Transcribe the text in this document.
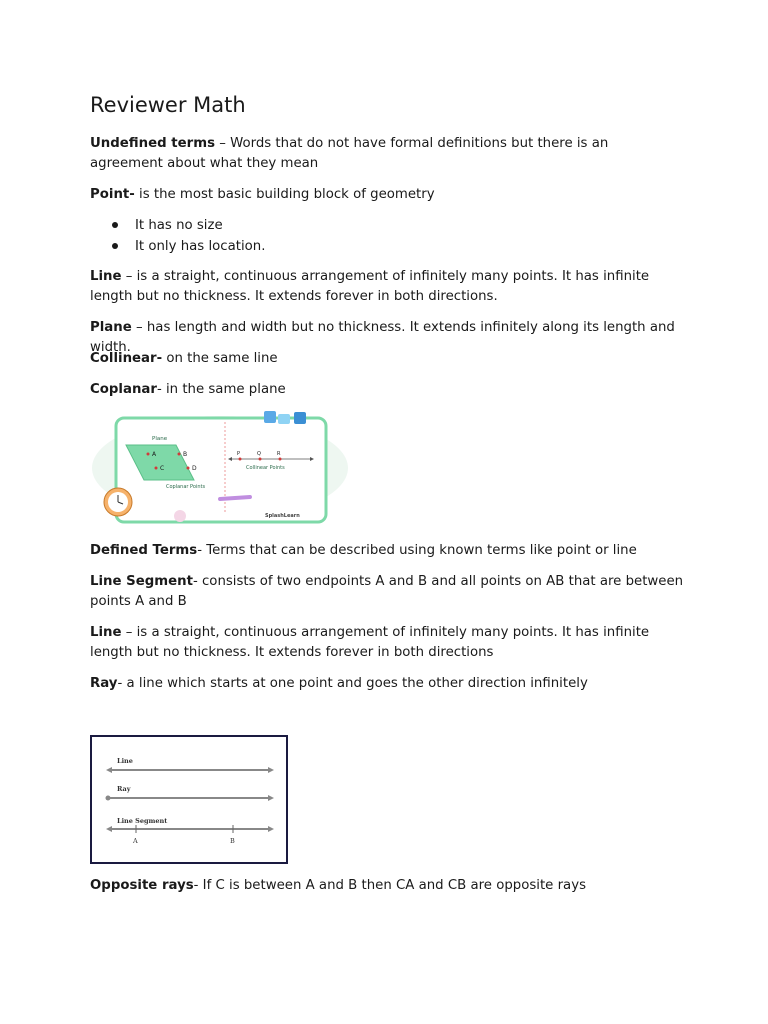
Reviewer Math

Undefined terms – Words that do not have formal definitions but there is an agreement about what they mean

Point- is the most basic building block of geometry

It has no size
It only has location.

Line – is a straight, continuous arrangement of infinitely many points. It has infinite length but no thickness. It extends forever in both directions.

Plane – has length and width but no thickness. It extends infinitely along its length and width.

Collinear- on the same line

Coplanar- in the same plane

Plane
A	B
C	D
Coplanar Points
P	Q	R
Collinear Points
SplashLearn

Defined Terms- Terms that can be described using known terms like point or line

Line Segment- consists of two endpoints A and B and all points on AB that are between points A and B

Line – is a straight, continuous arrangement of infinitely many points. It has infinite length but no thickness. It extends forever in both directions

Ray- a line which starts at one point and goes the other direction infinitely

Line
Ray
Line Segment
A	B

Opposite rays- If C is between A and B then CA and CB are opposite rays
